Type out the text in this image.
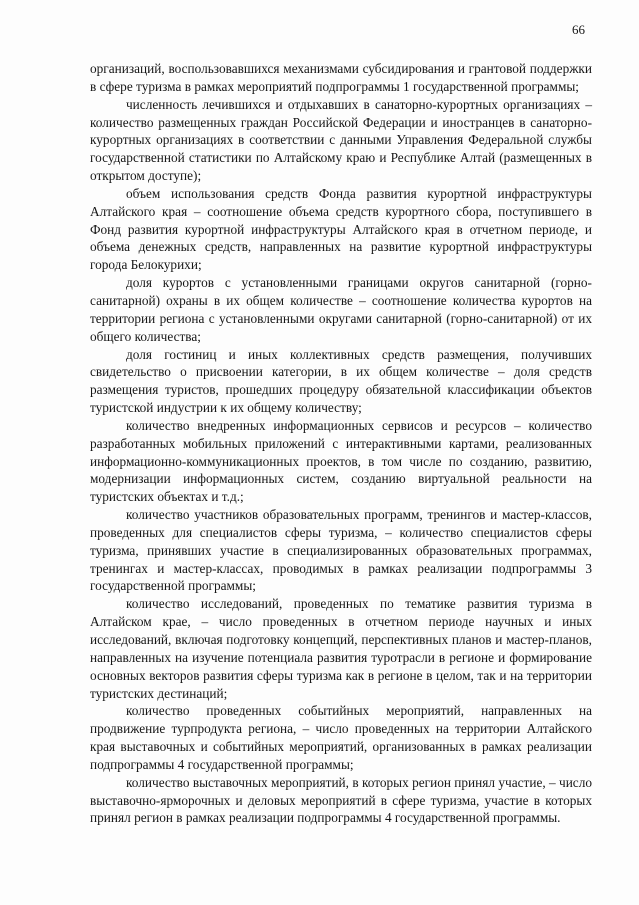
66

организаций, воспользовавшихся механизмами субсидирования и грантовой поддержки в сфере туризма в рамках мероприятий подпрограммы 1 государственной программы;

численность лечившихся и отдыхавших в санаторно-курортных организациях – количество размещенных граждан Российской Федерации и иностранцев в санаторно-курортных организациях в соответствии с данными Управления Федеральной службы государственной статистики по Алтайскому краю и Республике Алтай (размещенных в открытом доступе);

объем использования средств Фонда развития курортной инфраструктуры Алтайского края – соотношение объема средств курортного сбора, поступившего в Фонд развития курортной инфраструктуры Алтайского края в отчетном периоде, и объема денежных средств, направленных на развитие курортной инфраструктуры города Белокурихи;

доля курортов с установленными границами округов санитарной (горно-санитарной) охраны в их общем количестве – соотношение количества курортов на территории региона с установленными округами санитарной (горно-санитарной) от их общего количества;

доля гостиниц и иных коллективных средств размещения, получивших свидетельство о присвоении категории, в их общем количестве – доля средств размещения туристов, прошедших процедуру обязательной классификации объектов туристской индустрии к их общему количеству;

количество внедренных информационных сервисов и ресурсов – количество разработанных мобильных приложений с интерактивными картами, реализованных информационно-коммуникационных проектов, в том числе по созданию, развитию, модернизации информационных систем, созданию виртуальной реальности на туристских объектах и т.д.;

количество участников образовательных программ, тренингов и мастер-классов, проведенных для специалистов сферы туризма, – количество специалистов сферы туризма, принявших участие в специализированных образовательных программах, тренингах и мастер-классах, проводимых в рамках реализации подпрограммы 3 государственной программы;

количество исследований, проведенных по тематике развития туризма в Алтайском крае, – число проведенных в отчетном периоде научных и иных исследований, включая подготовку концепций, перспективных планов и мастер-планов, направленных на изучение потенциала развития туротрасли в регионе и формирование основных векторов развития сферы туризма как в регионе в целом, так и на территории туристских дестинаций;

количество проведенных событийных мероприятий, направленных на продвижение турпродукта региона, – число проведенных на территории Алтайского края выставочных и событийных мероприятий, организованных в рамках реализации подпрограммы 4 государственной программы;

количество выставочных мероприятий, в которых регион принял участие, – число выставочно-ярморочных и деловых мероприятий в сфере туризма, участие в которых принял регион в рамках реализации подпрограммы 4 государственной программы.
